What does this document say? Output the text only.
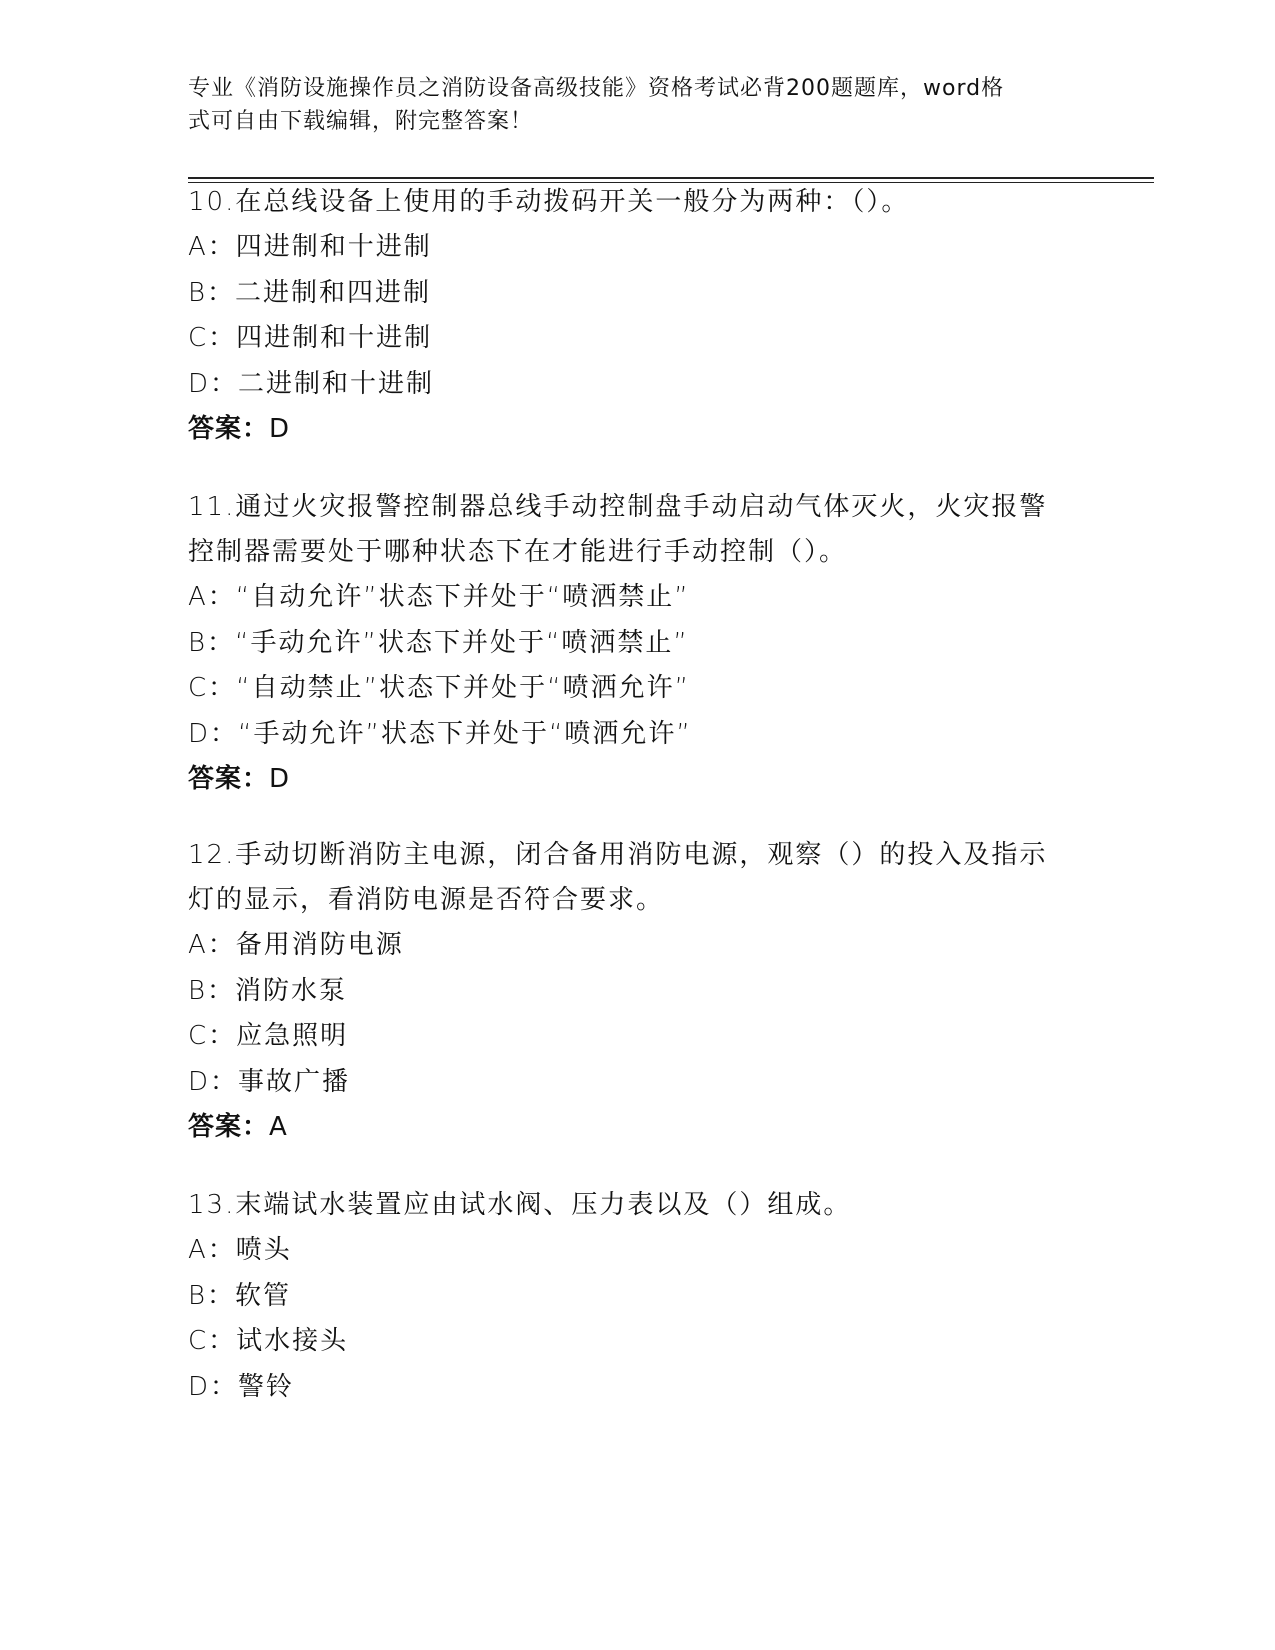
专业《消防设施操作员之消防设备高级技能》资格考试必背200题题库，word格
式可自由下载编辑，附完整答案！
10.在总线设备上使用的手动拨码开关一般分为两种：（）。
A：四进制和十进制
B：二进制和四进制
C：四进制和十进制
D：二进制和十进制
答案：D
11.通过火灾报警控制器总线手动控制盘手动启动气体灭火，火灾报警
控制器需要处于哪种状态下在才能进行手动控制（）。
A：“自动允许”状态下并处于“喷洒禁止”
B：“手动允许”状态下并处于“喷洒禁止”
C：“自动禁止”状态下并处于“喷洒允许”
D：“手动允许”状态下并处于“喷洒允许”
答案：D
12.手动切断消防主电源，闭合备用消防电源，观察（）的投入及指示
灯的显示，看消防电源是否符合要求。
A：备用消防电源
B：消防水泵
C：应急照明
D：事故广播
答案：A
13.末端试水装置应由试水阀、压力表以及（）组成。
A：喷头
B：软管
C：试水接头
D：警铃
